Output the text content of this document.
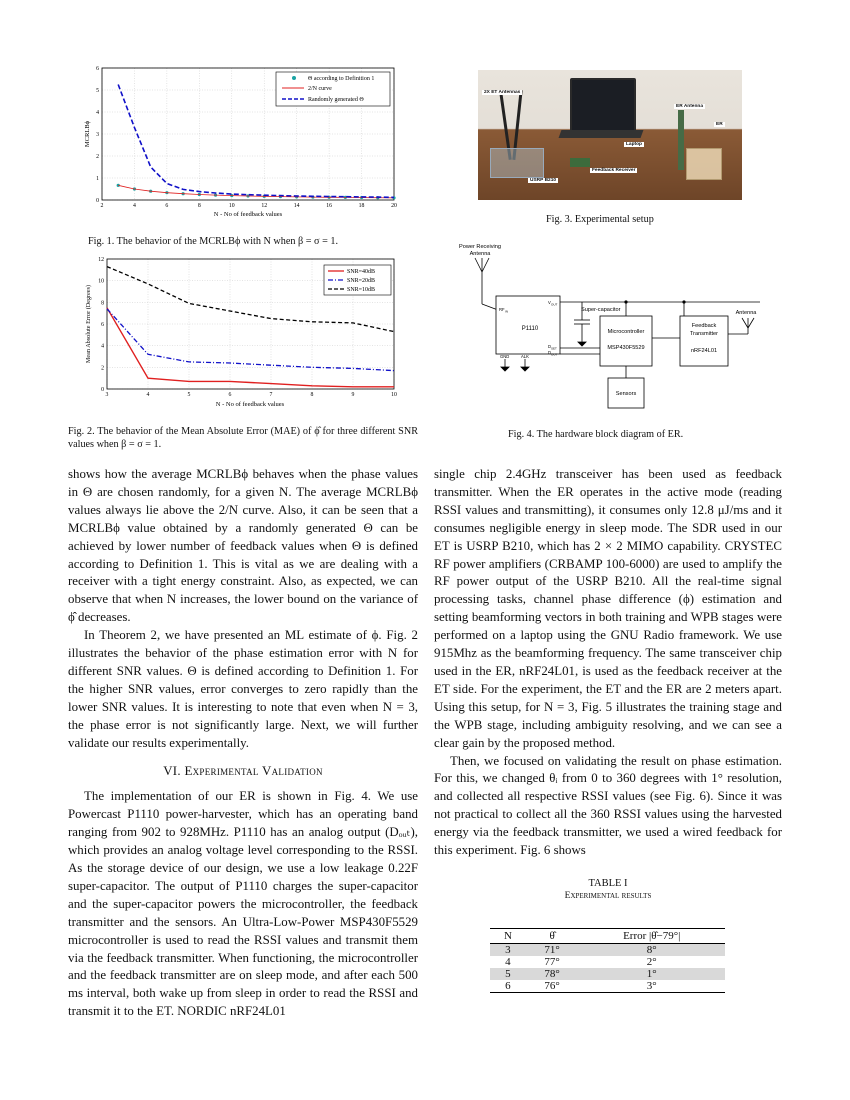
2	4	6	8	10	12	14	16	18	20
0
1
2
3
4
5
6
N - No of feedback values
MCRLBϕ
Θ according to Definition 1
2/N curve
Randomly generated Θ
Fig. 1. The behavior of the MCRLBϕ with N when β = σ = 1.
3	4	5	6	7	8	9	10
0
2
4
6
8
10
12
N - No of feedback values
Mean Absolute Error (Degrees)
SNR=40dB
SNR=20dB
SNR=10dB
Fig. 2. The behavior of the Mean Absolute Error (MAE) of ϕ̂ for three different SNR values when β = σ = 1.
2X ET Antennas
ER Antenna
ER
Laptop
Feedback Receiver
USRP B210
Fig. 3. Experimental setup
Power Receiving
Antenna
P1110
RF IN
V OUT
D SET
D OUT
GND	ALK
Super-capacitor
Microcontroller
MSP430F5529
Feedback
Transmitter
nRF24L01
Antenna
Sensors
Fig. 4. The hardware block diagram of ER.

shows how the average MCRLBϕ behaves when the phase values in Θ are chosen randomly, for a given N. The average MCRLBϕ values always lie above the 2/N curve. Also, it can be seen that a MCRLBϕ value obtained by a randomly generated Θ can be achieved by lower number of feedback values when Θ is defined according to Definition 1. This is vital as we are dealing with a receiver with a tight energy constraint. Also, as expected, we can observe that when N increases, the lower bound on the variance of ϕ̂ decreases.

In Theorem 2, we have presented an ML estimate of ϕ. Fig. 2 illustrates the behavior of the phase estimation error with N for different SNR values. Θ is defined according to Definition 1. For the higher SNR values, error converges to zero rapidly than the lower SNR values. It is interesting to note that even when N = 3, the phase error is not significantly large. Next, we will further validate our results experimentally.

VI. Experimental Validation

The implementation of our ER is shown in Fig. 4. We use Powercast P1110 power-harvester, which has an operating band ranging from 902 to 928MHz. P1110 has an analog output (Dₒᵤₜ), which provides an analog voltage level corresponding to the RSSI. As the storage device of our design, we use a low leakage 0.22F super-capacitor. The output of P1110 charges the super-capacitor and the super-capacitor powers the microcontroller, the feedback transmitter and the sensors. An Ultra-Low-Power MSP430F5529 microcontroller is used to read the RSSI values and transmit them via the feedback transmitter. When functioning, the microcontroller and the feedback transmitter are on sleep mode, and after each 500 ms interval, both wake up from sleep in order to read the RSSI and transmit it to the ET. NORDIC nRF24L01

single chip 2.4GHz transceiver has been used as feedback transmitter. When the ER operates in the active mode (reading RSSI values and transmitting), it consumes only 12.8 μJ/ms and it consumes negligible energy in sleep mode. The SDR used in our ET is USRP B210, which has 2 × 2 MIMO capability. CRYSTEC RF power amplifiers (CRBAMP 100-6000) are used to amplify the RF power output of the USRP B210. All the real-time signal processing tasks, channel phase difference (ϕ) estimation and setting beamforming vectors in both training and WPB stages were performed on a laptop using the GNU Radio framework. We use 915Mhz as the beamforming frequency. The same transceiver chip used in the ER, nRF24L01, is used as the feedback receiver at the ET side. For the experiment, the ET and the ER are 2 meters apart. Using this setup, for N = 3, Fig. 5 illustrates the training stage and the WPB stage, including ambiguity resolving, and we can see a clear gain by the proposed method.

Then, we focused on validating the result on phase estimation. For this, we changed θᵢ from 0 to 360 degrees with 1° resolution, and collected all respective RSSI values (see Fig. 6). Since it was not practical to collect all the 360 RSSI values using the harvested energy via the feedback transmitter, we used a wired feedback for this experiment. Fig. 6 shows

TABLE I
Experimental results
N	θ̂	Error |θ̂−79°|
3	71°	8°
4	77°	2°
5	78°	1°
6	76°	3°
